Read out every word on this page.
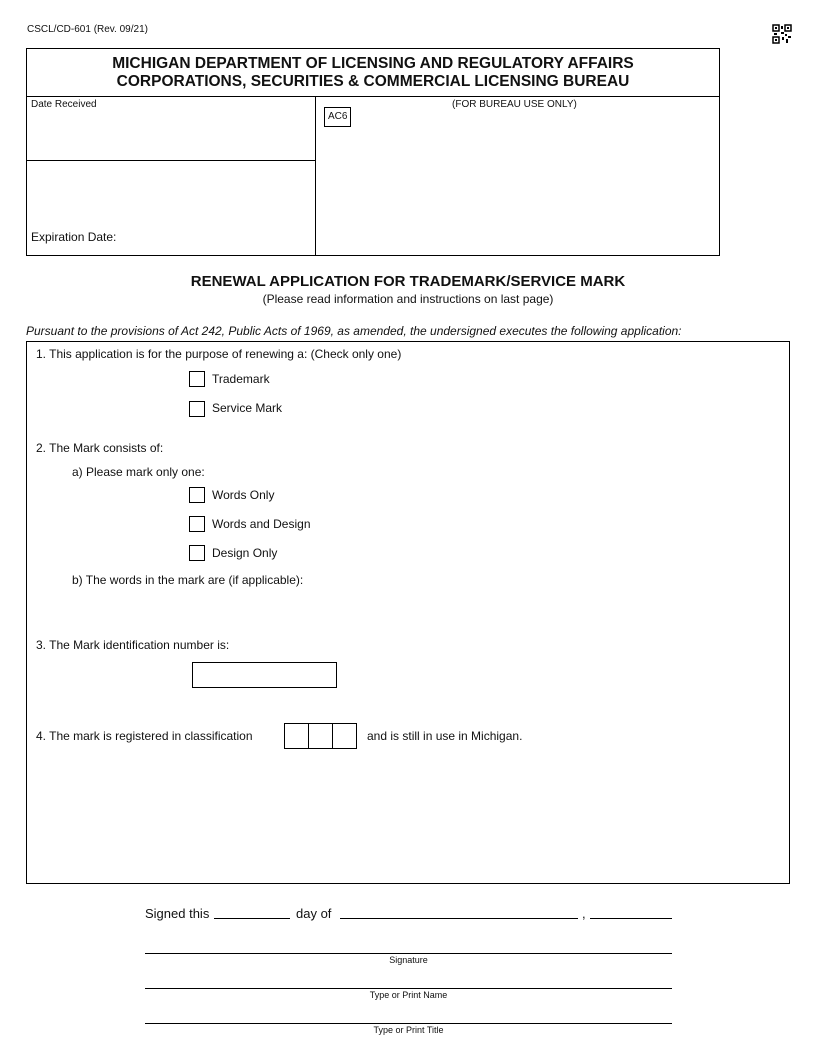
CSCL/CD-601 (Rev. 09/21)
MICHIGAN DEPARTMENT OF LICENSING AND REGULATORY AFFAIRS
CORPORATIONS, SECURITIES & COMMERCIAL LICENSING BUREAU
Date Received
Expiration Date:
(FOR BUREAU USE ONLY)
AC6
RENEWAL APPLICATION FOR TRADEMARK/SERVICE MARK
(Please read information and instructions on last page)
Pursuant to the provisions of Act 242, Public Acts of 1969, as amended, the undersigned executes the following application:
1. This application is for the purpose of renewing a: (Check only one)
Trademark
Service Mark
2. The Mark consists of:
a) Please mark only one:
Words Only
Words and Design
Design Only
b) The words in the mark are (if applicable):
3. The Mark identification number is:
4. The mark is registered in classification	and is still in use in Michigan.
Signed this	day of	,
Signature
Type or Print Name
Type or Print Title
